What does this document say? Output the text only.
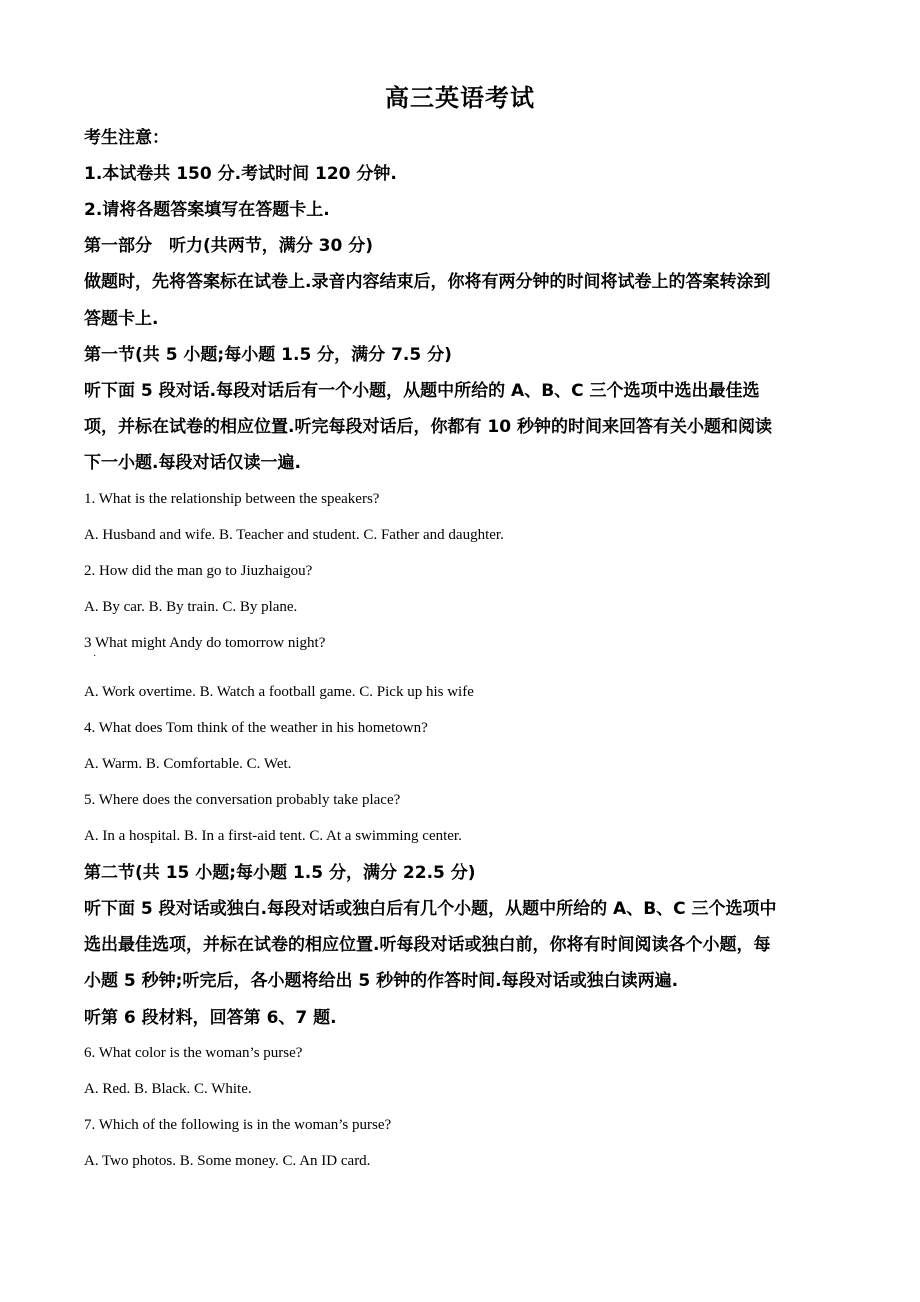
高三英语考试
考生注意：
1.本试卷共 150 分.考试时间 120 分钟.
2.请将各题答案填写在答题卡上.
第一部分　听力(共两节，满分 30 分)
做题时，先将答案标在试卷上.录音内容结束后，你将有两分钟的时间将试卷上的答案转涂到
答题卡上.
第一节(共 5 小题;每小题 1.5 分，满分 7.5 分)
听下面 5 段对话.每段对话后有一个小题，从题中所给的 A、B、C 三个选项中选出最佳选
项，并标在试卷的相应位置.听完每段对话后，你都有 10 秒钟的时间来回答有关小题和阅读
下一小题.每段对话仅读一遍.
1. What is the relationship between the speakers?
A. Husband and wife. B. Teacher and student. C. Father and daughter.
2. How did the man go to Jiuzhaigou?
A. By car. B. By train. C. By plane.
3 What might Andy do tomorrow night?
·
A. Work overtime. B. Watch a football game. C. Pick up his wife
4. What does Tom think of the weather in his hometown?
A. Warm. B. Comfortable. C. Wet.
5. Where does the conversation probably take place?
A. In a hospital. B. In a first-aid tent. C. At a swimming center.
第二节(共 15 小题;每小题 1.5 分，满分 22.5 分)
听下面 5 段对话或独白.每段对话或独白后有几个小题，从题中所给的 A、B、C 三个选项中
选出最佳选项，并标在试卷的相应位置.听每段对话或独白前，你将有时间阅读各个小题，每
小题 5 秒钟;听完后，各小题将给出 5 秒钟的作答时间.每段对话或独白读两遍.
听第 6 段材料，回答第 6、7 题.
6. What color is the woman’s purse?
A. Red. B. Black. C. White.
7. Which of the following is in the woman’s purse?
A. Two photos. B. Some money. C. An ID card.
